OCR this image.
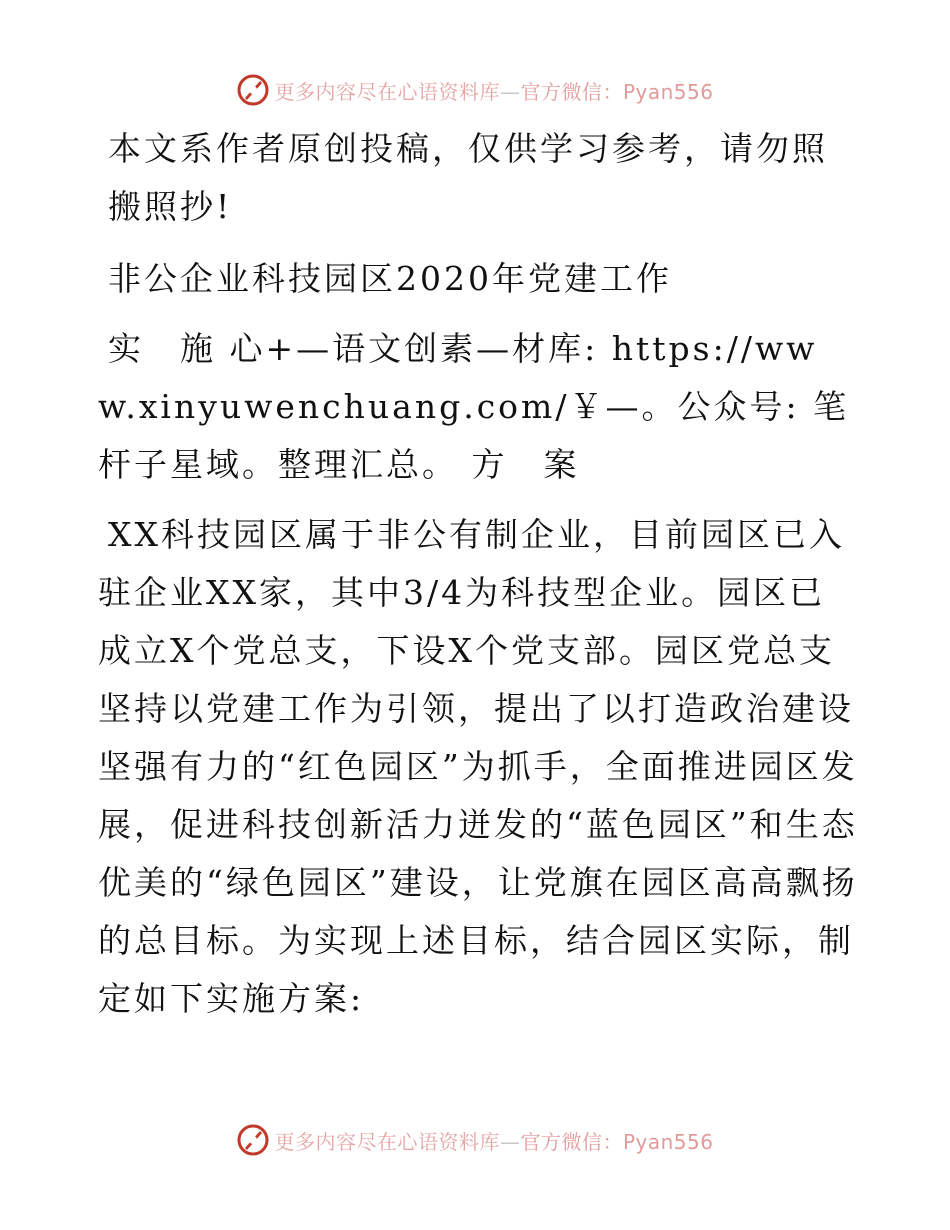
更多内容尽在心语资料库—官方微信：Pyan556

本文系作者原创投稿，仅供学习参考，请勿照搬照抄!

非公企业科技园区2020年党建工作

实　施 心+—语文创素—材库: https://www.xinyuwenchuang.com/￥—。公众号: 笔杆子星域。整理汇总。 方　案

XX科技园区属于非公有制企业，目前园区已入驻企业XX家，其中3/4为科技型企业。园区已成立X个党总支，下设X个党支部。园区党总支坚持以党建工作为引领，提出了以打造政治建设坚强有力的“红色园区”为抓手，全面推进园区发展，促进科技创新活力迸发的“蓝色园区”和生态优美的“绿色园区”建设，让党旗在园区高高飘扬的总目标。为实现上述目标，结合园区实际，制定如下实施方案:

更多内容尽在心语资料库—官方微信：Pyan556
